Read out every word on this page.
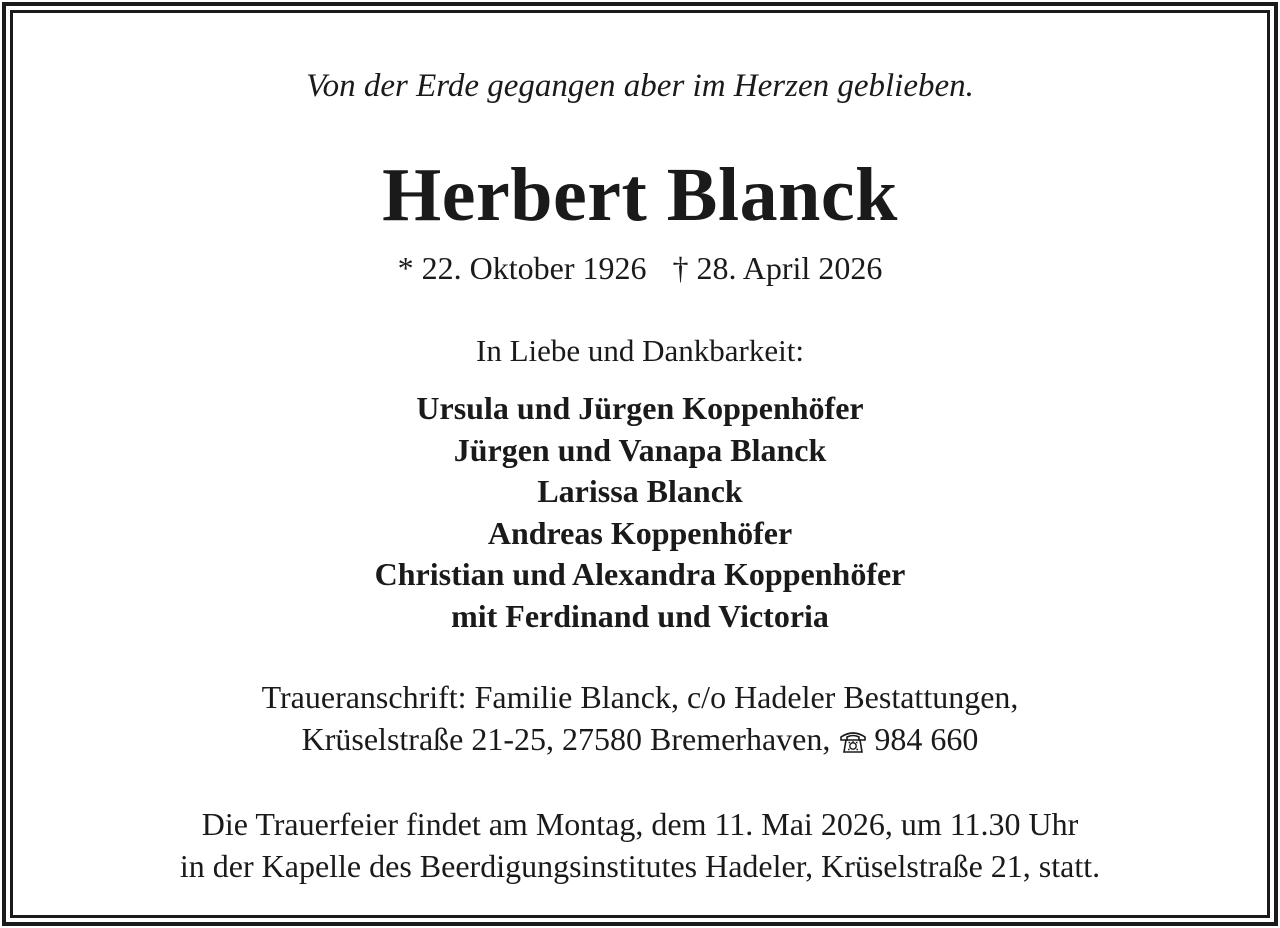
Von der Erde gegangen aber im Herzen geblieben.
Herbert Blanck
* 22. Oktober 1926 † 28. April 2026
In Liebe und Dankbarkeit:
Ursula und Jürgen Koppenhöfer
Jürgen und Vanapa Blanck
Larissa Blanck
Andreas Koppenhöfer
Christian und Alexandra Koppenhöfer
mit Ferdinand und Victoria
Traueranschrift: Familie Blanck, c/o Hadeler Bestattungen,
Krüselstraße 21-25, 27580 Bremerhaven, 984 660
Die Trauerfeier findet am Montag, dem 11. Mai 2026, um 11.30 Uhr
in der Kapelle des Beerdigungsinstitutes Hadeler, Krüselstraße 21, statt.
